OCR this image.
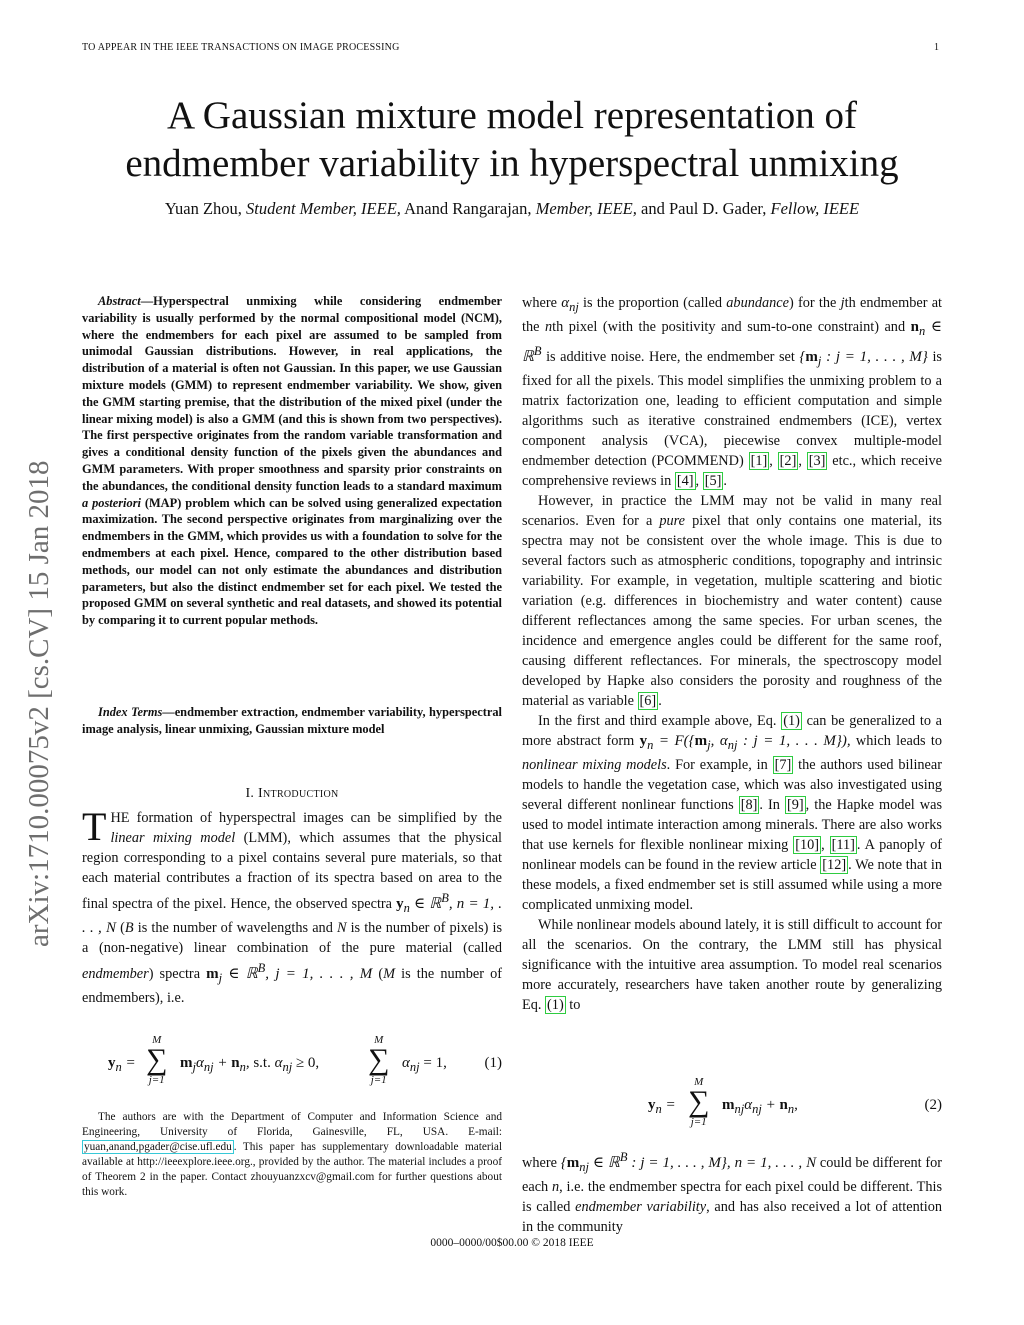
TO APPEAR IN THE IEEE TRANSACTIONS ON IMAGE PROCESSING	1
A Gaussian mixture model representation of
endmember variability in hyperspectral unmixing
Yuan Zhou, Student Member, IEEE, Anand Rangarajan, Member, IEEE, and Paul D. Gader, Fellow, IEEE
arXiv:1710.00075v2 [cs.CV] 15 Jan 2018

Abstract—Hyperspectral unmixing while considering endmember variability is usually performed by the normal compositional model (NCM), where the endmembers for each pixel are assumed to be sampled from unimodal Gaussian distributions. However, in real applications, the distribution of a material is often not Gaussian. In this paper, we use Gaussian mixture models (GMM) to represent endmember variability. We show, given the GMM starting premise, that the distribution of the mixed pixel (under the linear mixing model) is also a GMM (and this is shown from two perspectives). The first perspective originates from the random variable transformation and gives a conditional density function of the pixels given the abundances and GMM parameters. With proper smoothness and sparsity prior constraints on the abundances, the conditional density function leads to a standard maximum a posteriori (MAP) problem which can be solved using generalized expectation maximization. The second perspective originates from marginalizing over the endmembers in the GMM, which provides us with a foundation to solve for the endmembers at each pixel. Hence, compared to the other distribution based methods, our model can not only estimate the abundances and distribution parameters, but also the distinct endmember set for each pixel. We tested the proposed GMM on several synthetic and real datasets, and showed its potential by comparing it to current popular methods.

Index Terms—endmember extraction, endmember variability, hyperspectral image analysis, linear unmixing, Gaussian mixture model

I. Introduction

THE formation of hyperspectral images can be simplified by the linear mixing model (LMM), which assumes that the physical region corresponding to a pixel contains several pure materials, so that each material contributes a fraction of its spectra based on area to the final spectra of the pixel. Hence, the observed spectra $y_n$ ∈ ℝ$^B$, n = 1, . . . , N (B is the number of wavelengths and N is the number of pixels) is a (non-negative) linear combination of the pure material (called endmember) spectra $m_j$ ∈ ℝ$^B$, j = 1, . . . , M (M is the number of endmembers), i.e.

$y_n$ =
M
∑
j=1
$m_j\alpha_{nj} + n_n$, s.t. $\alpha_{nj} \ge 0$,
M
∑
j=1
$\alpha_{nj} = 1$,	(1)

The authors are with the Department of Computer and Information Science and Engineering, University of Florida, Gainesville, FL, USA. E-mail: yuan,anand,pgader@cise.ufl.edu . This paper has supplementary downloadable material available at http://ieeexplore.ieee.org., provided by the author. The material includes a proof of Theorem 2 in the paper. Contact zhouyuanzxcv@gmail.com for further questions about this work.

where $\alpha_{nj}$ is the proportion (called abundance) for the jth endmember at the nth pixel (with the positivity and sum-to-one constraint) and $n_n$ ∈ ℝ$^B$ is additive noise. Here, the endmember set {$m_j$ : j = 1, . . . , M} is fixed for all the pixels. This model simplifies the unmixing problem to a matrix factorization one, leading to efficient computation and simple algorithms such as iterative constrained endmembers (ICE), vertex component analysis (VCA), piecewise convex multiple-model endmember detection (PCOMMEND) [1] , [2] , [3] etc., which receive comprehensive reviews in [4] , [5] .

However, in practice the LMM may not be valid in many real scenarios. Even for a pure pixel that only contains one material, its spectra may not be consistent over the whole image. This is due to several factors such as atmospheric conditions, topography and intrinsic variability. For example, in vegetation, multiple scattering and biotic variation (e.g. differences in biochemistry and water content) cause different reflectances among the same species. For urban scenes, the incidence and emergence angles could be different for the same roof, causing different reflectances. For minerals, the spectroscopy model developed by Hapke also considers the porosity and roughness of the material as variable [6] .

In the first and third example above, Eq. (1) can be generalized to a more abstract form $y_n = F(\{m_j$, $\alpha_{nj}$ : j = 1, . . . M}), which leads to nonlinear mixing models. For example, in [7] the authors used bilinear models to handle the vegetation case, which was also investigated using several different nonlinear functions [8] . In [9] , the Hapke model was used to model intimate interaction among minerals. There are also works that use kernels for flexible nonlinear mixing [10] , [11] . A panoply of nonlinear models can be found in the review article [12] . We note that in these models, a fixed endmember set is still assumed while using a more complicated unmixing model.

While nonlinear models abound lately, it is still difficult to account for all the scenarios. On the contrary, the LMM still has physical significance with the intuitive area assumption. To model real scenarios more accurately, researchers have taken another route by generalizing Eq. (1) to

$y_n$ =
M
∑
j=1
$m_{nj}\alpha_{nj} + n_n$,	(2)

where {$m_{nj}$ ∈ ℝ$^B$ : j = 1, . . . , M}, n = 1, . . . , N could be different for each n, i.e. the endmember spectra for each pixel could be different. This is called endmember variability, and has also received a lot of attention in the community

0000–0000/00$00.00 © 2018 IEEE
